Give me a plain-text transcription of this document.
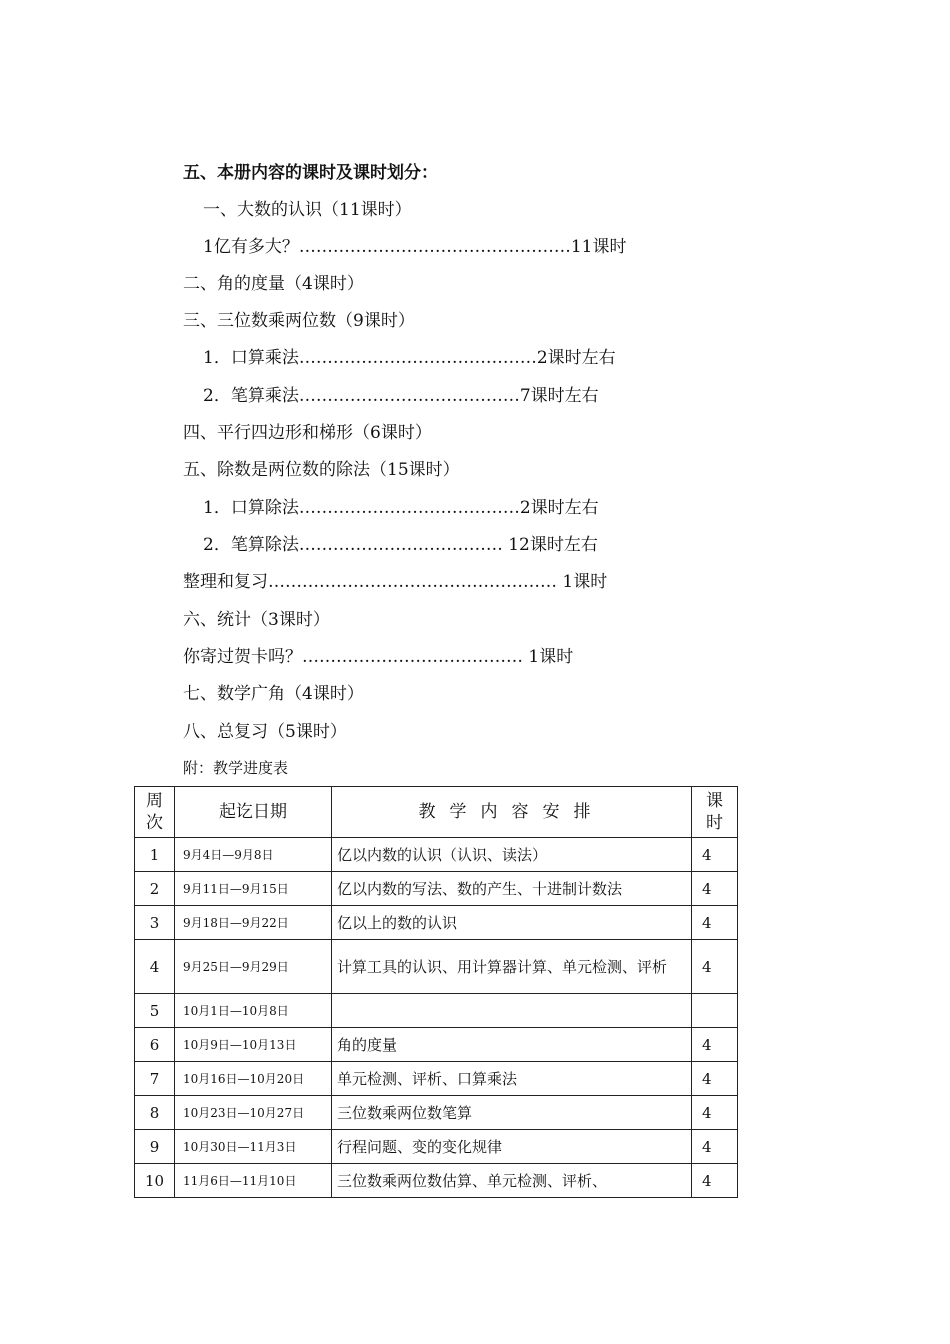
五、本册内容的课时及课时划分：
一、大数的认识（11课时）
1亿有多大？…………………………………………11课时
二、角的度量（4课时）
三、三位数乘两位数（9课时）
1．口算乘法……………………………………2课时左右
2．笔算乘法…………………………………7课时左右
四、平行四边形和梯形（6课时）
五、除数是两位数的除法（15课时）
1．口算除法…………………………………2课时左右
2．笔算除法……………………………… 12课时左右
整理和复习…………………………………………… 1课时
六、统计（3课时）
你寄过贺卡吗？………………………………… 1课时
七、数学广角（4课时）
八、总复习（5课时）
附：教学进度表
周次	起讫日期	教学内容安排	课时
1	9月4日—9月8日	亿以内数的认识（认识、读法）	4
2	9月11日—9月15日	亿以内数的写法、数的产生、十进制计数法	4
3	9月18日—9月22日	亿以上的数的认识	4
4	9月25日—9月29日	计算工具的认识、用计算器计算、单元检测、评析	4
5	10月1日—10月8日		
6	10月9日—10月13日	角的度量	4
7	10月16日—10月20日	单元检测、评析、口算乘法	4
8	10月23日—10月27日	三位数乘两位数笔算	4
9	10月30日—11月3日	行程问题、变的变化规律	4
10	11月6日—11月10日	三位数乘两位数估算、单元检测、评析、	4
